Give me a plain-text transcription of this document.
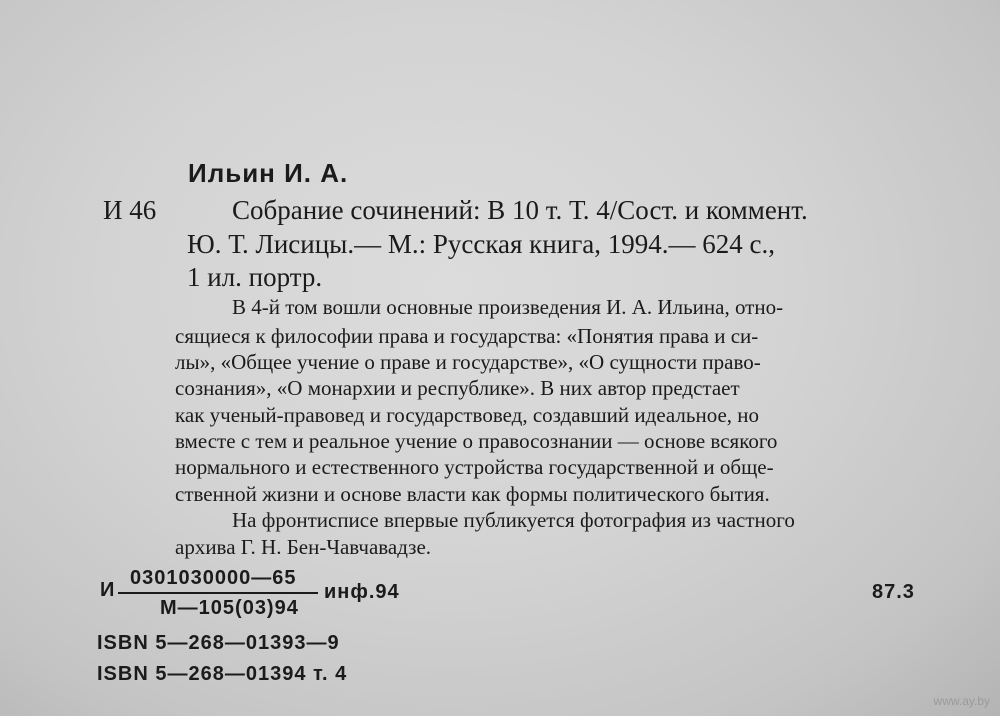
Ильин И. А.
И 46	Собрание сочинений: В 10 т. Т. 4/Сост. и коммент.
Ю. Т. Лисицы.— М.: Русская книга, 1994.— 624 с.,
1 ил. портр.
В 4-й том вошли основные произведения И. А. Ильина, отно-
сящиеся к философии права и государства: «Понятия права и си-
лы», «Общее учение о праве и государстве», «О сущности право-
сознания», «О монархии и республике». В них автор предстает
как ученый-правовед и государствовед, создавший идеальное, но
вместе с тем и реальное учение о правосознании — основе всякого
нормального и естественного устройства государственной и обще-
ственной жизни и основе власти как формы политического бытия.
На фронтисписе впервые публикуется фотография из частного
архива Г. Н. Бен-Чавчавадзе.
И
0301030000—65
М—105(03)94
инф.94	87.3
ISBN 5—268—01393—9
ISBN 5—268—01394 т. 4
www.ay.by
